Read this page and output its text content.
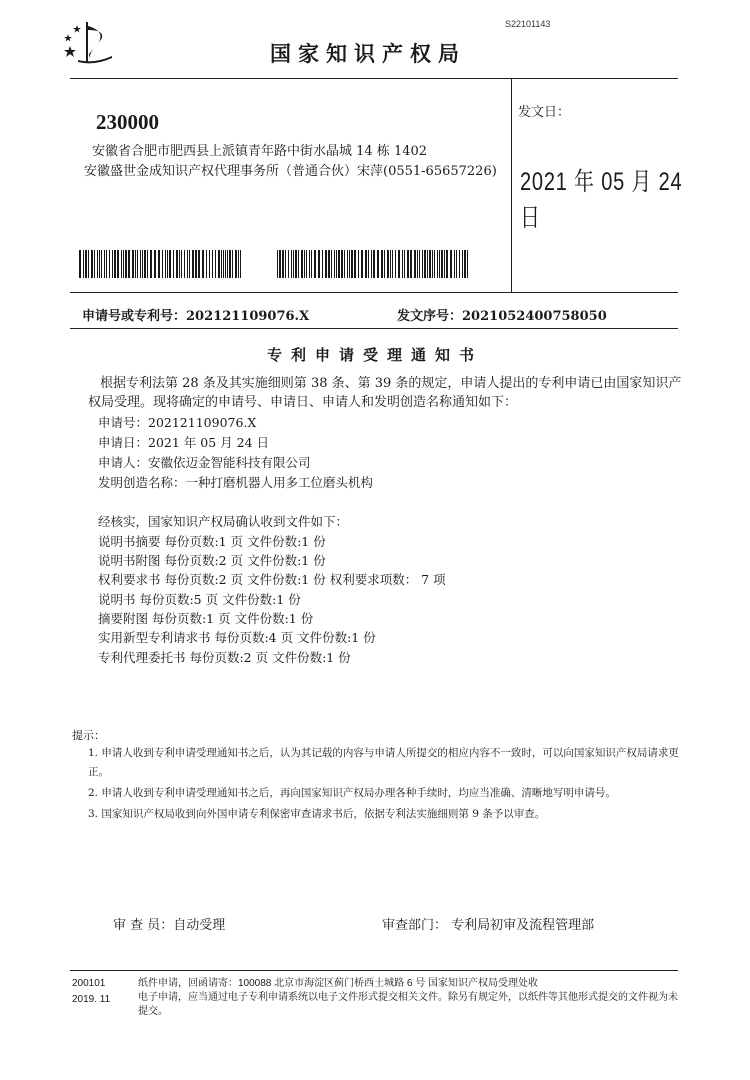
S22101143
国家知识产权局
230000
安徽省合肥市肥西县上派镇青年路中街水晶城 14 栋 1402
安徽盛世金成知识产权代理事务所（普通合伙）宋萍(0551-65657226)
发文日：
2021 年 05 月 24 日
申请号或专利号：202121109076.X	发文序号：2021052400758050
专利申请受理通知书
根据专利法第 28 条及其实施细则第 38 条、第 39 条的规定，申请人提出的专利申请已由国家知识产权局受理。现将确定的申请号、申请日、申请人和发明创造名称通知如下：
申请号：202121109076.X
申请日：2021 年 05 月 24 日
申请人：安徽依迈金智能科技有限公司
发明创造名称：一种打磨机器人用多工位磨头机构
经核实，国家知识产权局确认收到文件如下：
说明书摘要 每份页数:1 页 文件份数:1 份
说明书附图 每份页数:2 页 文件份数:1 份
权利要求书 每份页数:2 页 文件份数:1 份 权利要求项数： 7 项
说明书 每份页数:5 页 文件份数:1 份
摘要附图 每份页数:1 页 文件份数:1 份
实用新型专利请求书 每份页数:4 页 文件份数:1 份
专利代理委托书 每份页数:2 页 文件份数:1 份
提示：
1. 申请人收到专利申请受理通知书之后，认为其记载的内容与申请人所提交的相应内容不一致时，可以向国家知识产权局请求更正。
2. 申请人收到专利申请受理通知书之后，再向国家知识产权局办理各种手续时，均应当准确、清晰地写明申请号。
3. 国家知识产权局收到向外国申请专利保密审查请求书后，依据专利法实施细则第 9 条予以审查。
审 查 员：自动受理	审查部门： 专利局初审及流程管理部
200101
2019. 11
纸件申请，回函请寄：100088 北京市海淀区蓟门桥西土城路 6 号 国家知识产权局受理处收
电子申请，应当通过电子专利申请系统以电子文件形式提交相关文件。除另有规定外，以纸件等其他形式提交的文件视为未提交。
